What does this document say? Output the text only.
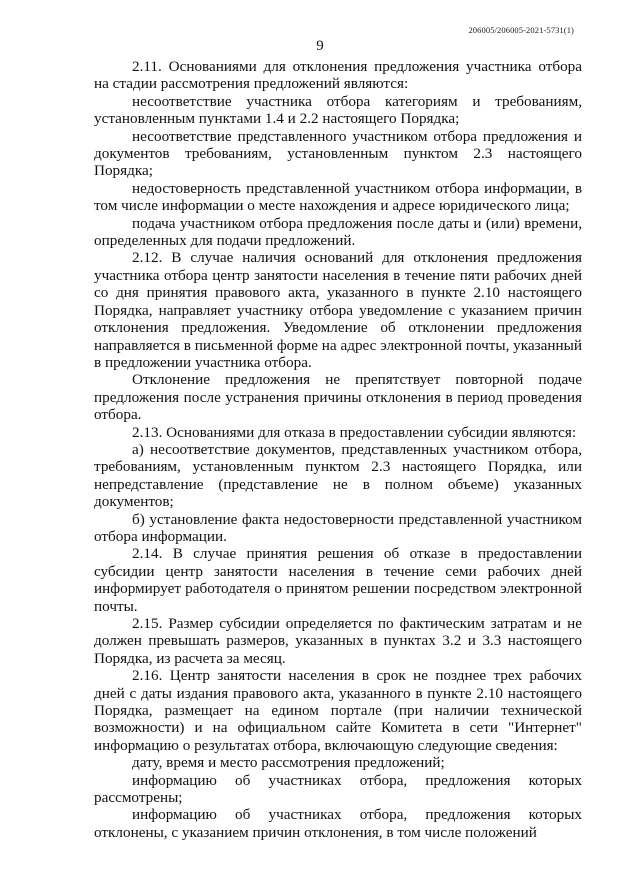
206005/206005-2021-5731(1)
9

2.11. Основаниями для отклонения предложения участника отбора на стадии рассмотрения предложений являются:

несоответствие участника отбора категориям и требованиям, установленным пунктами 1.4 и 2.2 настоящего Порядка;

несоответствие представленного участником отбора предложения и документов требованиям, установленным пунктом 2.3 настоящего Порядка;

недостоверность представленной участником отбора информации, в том числе информации о месте нахождения и адресе юридического лица;

подача участником отбора предложения после даты и (или) времени, определенных для подачи предложений.

2.12. В случае наличия оснований для отклонения предложения участника отбора центр занятости населения в течение пяти рабочих дней со дня принятия правового акта, указанного в пункте 2.10 настоящего Порядка, направляет участнику отбора уведомление с указанием причин отклонения предложения. Уведомление об отклонении предложения направляется в письменной форме на адрес электронной почты, указанный в предложении участника отбора.

Отклонение предложения не препятствует повторной подаче предложения после устранения причины отклонения в период проведения отбора.

2.13. Основаниями для отказа в предоставлении субсидии являются:

а) несоответствие документов, представленных участником отбора, требованиям, установленным пунктом 2.3 настоящего Порядка, или непредставление (представление не в полном объеме) указанных документов;

б) установление факта недостоверности представленной участником отбора информации.

2.14. В случае принятия решения об отказе в предоставлении субсидии центр занятости населения в течение семи рабочих дней информирует работодателя о принятом решении посредством электронной почты.

2.15. Размер субсидии определяется по фактическим затратам и не должен превышать размеров, указанных в пунктах 3.2 и 3.3 настоящего Порядка, из расчета за месяц.

2.16. Центр занятости населения в срок не позднее трех рабочих дней с даты издания правового акта, указанного в пункте 2.10 настоящего Порядка, размещает на едином портале (при наличии технической возможности) и на официальном сайте Комитета в сети "Интернет" информацию о результатах отбора, включающую следующие сведения:

дату, время и место рассмотрения предложений;

информацию об участниках отбора, предложения которых рассмотрены;

информацию об участниках отбора, предложения которых отклонены, с указанием причин отклонения, в том числе положений
